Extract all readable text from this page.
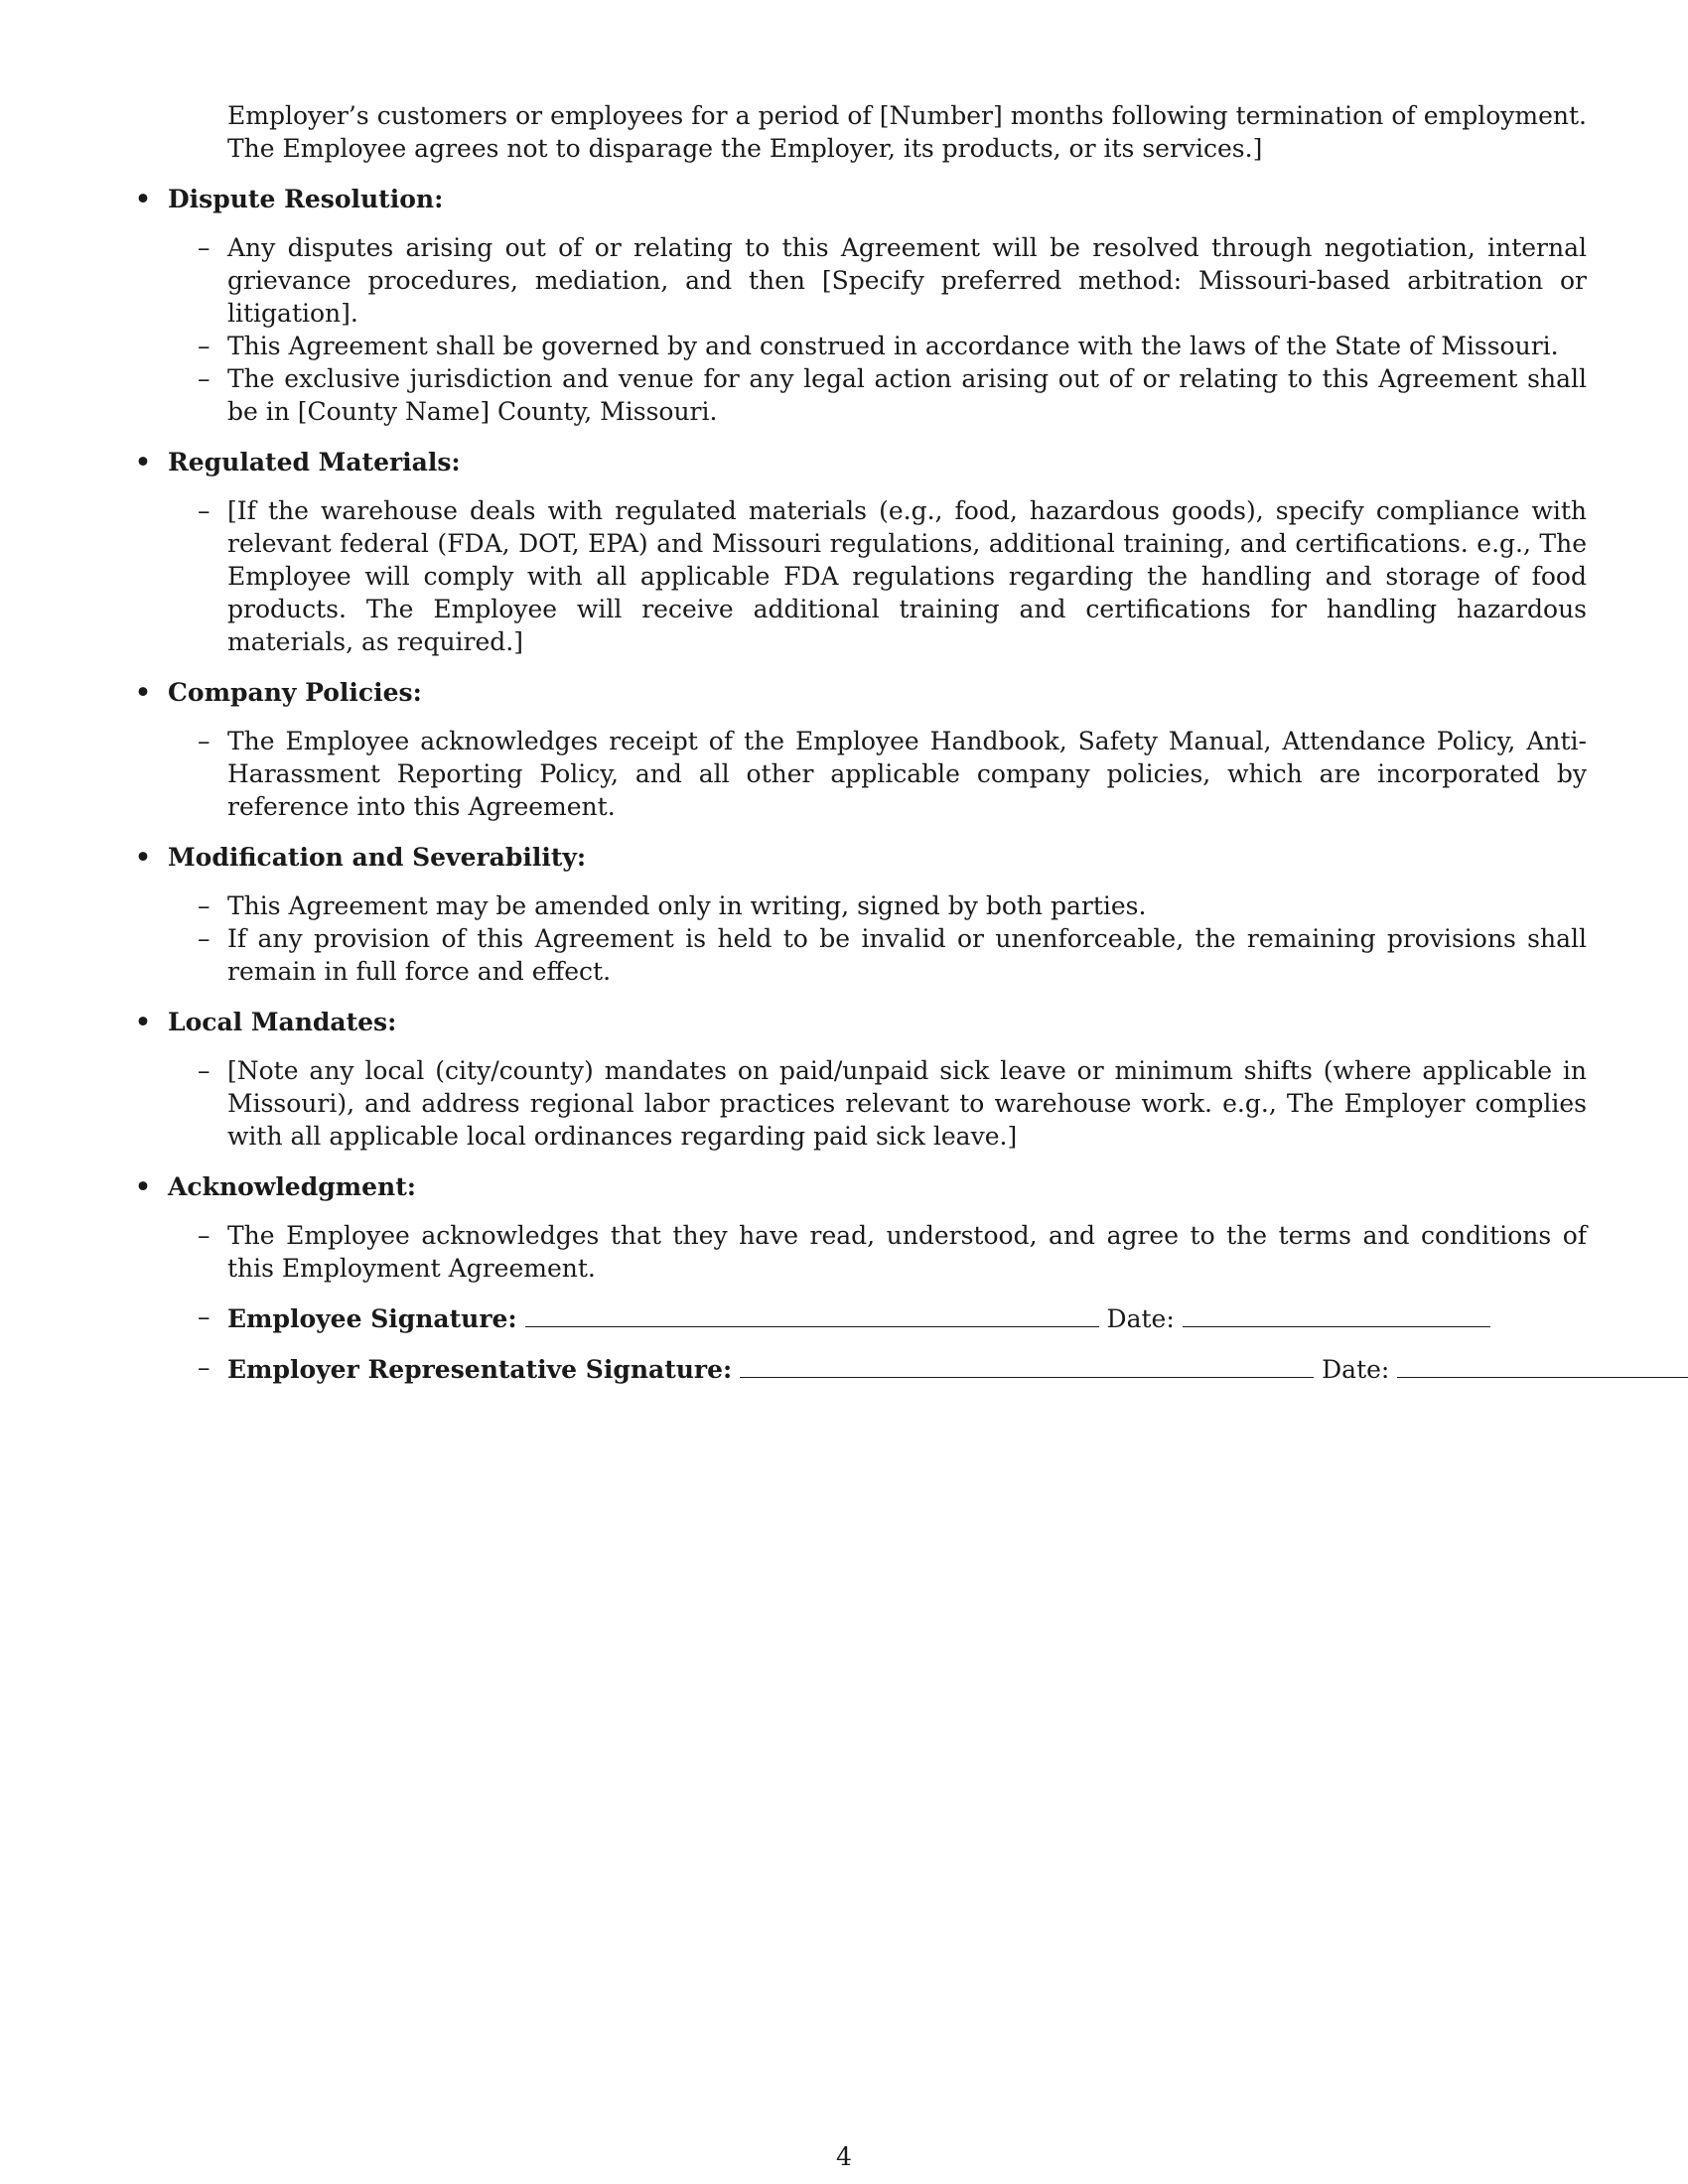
Employer’s customers or employees for a period of [Number] months following termination of employment. The Employee agrees not to disparage the Employer, its products, or its services.]
• Dispute Resolution:
– Any disputes arising out of or relating to this Agreement will be resolved through negotiation, internal grievance procedures, mediation, and then [Specify preferred method: Missouri-based arbitration or litigation].
– This Agreement shall be governed by and construed in accordance with the laws of the State of Missouri.
– The exclusive jurisdiction and venue for any legal action arising out of or relating to this Agreement shall be in [County Name] County, Missouri.
• Regulated Materials:
– [If the warehouse deals with regulated materials (e.g., food, hazardous goods), specify compliance with relevant federal (FDA, DOT, EPA) and Missouri regulations, additional training, and certifications. e.g., The Employee will comply with all applicable FDA regulations regarding the handling and storage of food products. The Employee will receive additional training and certifications for handling hazardous materials, as required.]
• Company Policies:
– The Employee acknowledges receipt of the Employee Handbook, Safety Manual, Attendance Policy, Anti-Harassment Reporting Policy, and all other applicable company policies, which are incorporated by reference into this Agreement.
• Modification and Severability:
– This Agreement may be amended only in writing, signed by both parties.
– If any provision of this Agreement is held to be invalid or unenforceable, the remaining provisions shall remain in full force and effect.
• Local Mandates:
– [Note any local (city/county) mandates on paid/unpaid sick leave or minimum shifts (where applicable in Missouri), and address regional labor practices relevant to warehouse work. e.g., The Employer complies with all applicable local ordinances regarding paid sick leave.]
• Acknowledgment:
– The Employee acknowledges that they have read, understood, and agree to the terms and conditions of this Employment Agreement.
– Employee Signature:	Date:
– Employer Representative Signature:	Date:
4
